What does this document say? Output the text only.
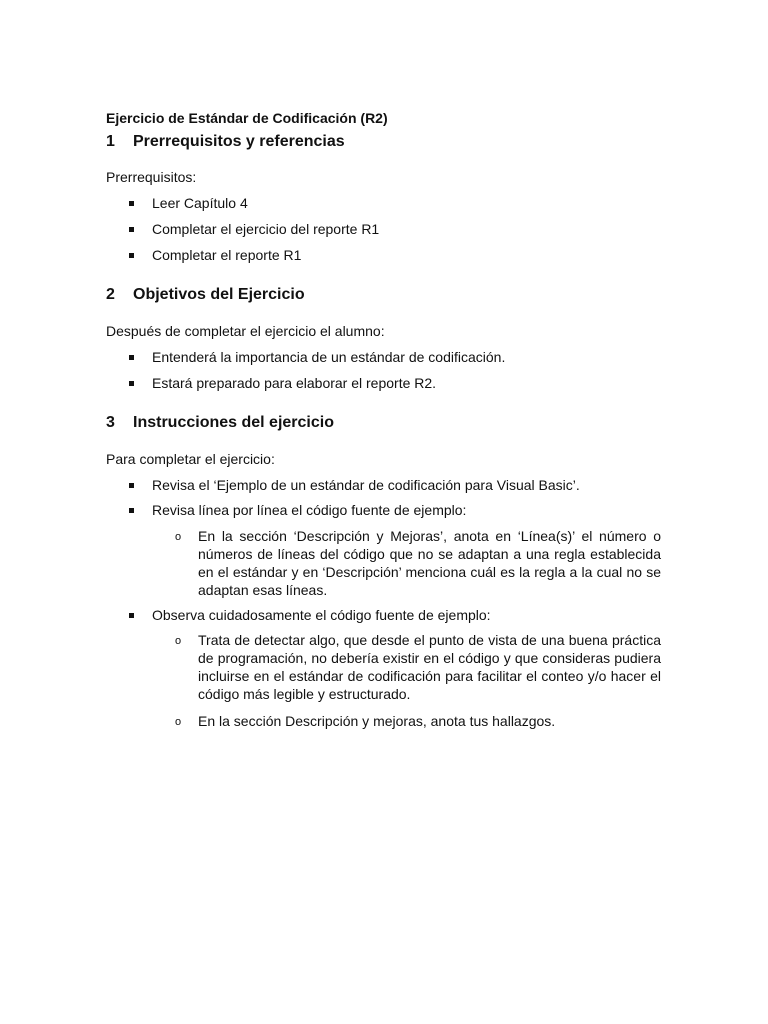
Ejercicio de Estándar de Codificación (R2)
1 Prerrequisitos y referencias
Prerrequisitos:
Leer Capítulo 4
Completar el ejercicio del reporte R1
Completar el reporte R1
2 Objetivos del Ejercicio
Después de completar el ejercicio el alumno:
Entenderá la importancia de un estándar de codificación.
Estará preparado para elaborar el reporte R2.
3 Instrucciones del ejercicio
Para completar el ejercicio:
Revisa el ‘Ejemplo de un estándar de codificación para Visual Basic’.
Revisa línea por línea el código fuente de ejemplo:
o En la sección ‘Descripción y Mejoras’, anota en ‘Línea(s)’ el número o números de líneas del código que no se adaptan a una regla establecida en el estándar y en ‘Descripción’ menciona cuál es la regla a la cual no se adaptan esas líneas.
Observa cuidadosamente el código fuente de ejemplo:
o Trata de detectar algo, que desde el punto de vista de una buena práctica de programación, no debería existir en el código y que consideras pudiera incluirse en el estándar de codificación para facilitar el conteo y/o hacer el código más legible y estructurado.
o En la sección Descripción y mejoras, anota tus hallazgos.
